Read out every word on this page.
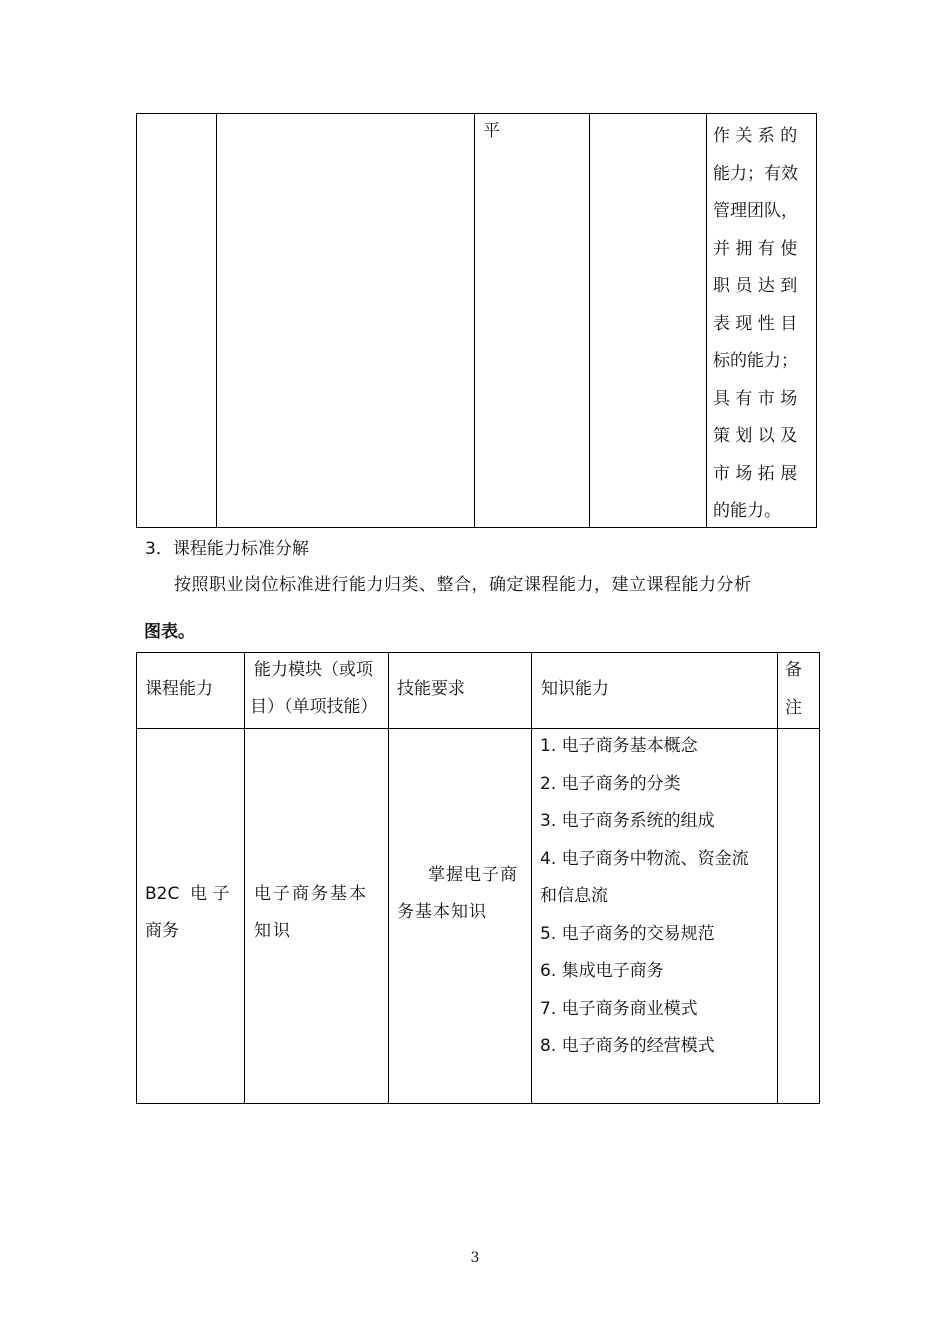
平	作 关 系 的
能力；有效
管理团队，
并 拥 有 使
职 员 达 到
表 现 性 目
标的能力；
具 有 市 场
策 划 以 及
市 场 拓 展
的能力。
3．课程能力标准分解
按照职业岗位标准进行能力归类、整合，确定课程能力，建立课程能力分析
图表。
课程能力
能力模块（或项
目）（单项技能）
技能要求	知识能力
备
注
B2C  电 子
商务
电子商务基本
知识
掌握电子商
务基本知识
1. 电子商务基本概念
2. 电子商务的分类
3. 电子商务系统的组成
4. 电子商务中物流、资金流
和信息流
5. 电子商务的交易规范
6. 集成电子商务
7. 电子商务商业模式
8. 电子商务的经营模式
3
